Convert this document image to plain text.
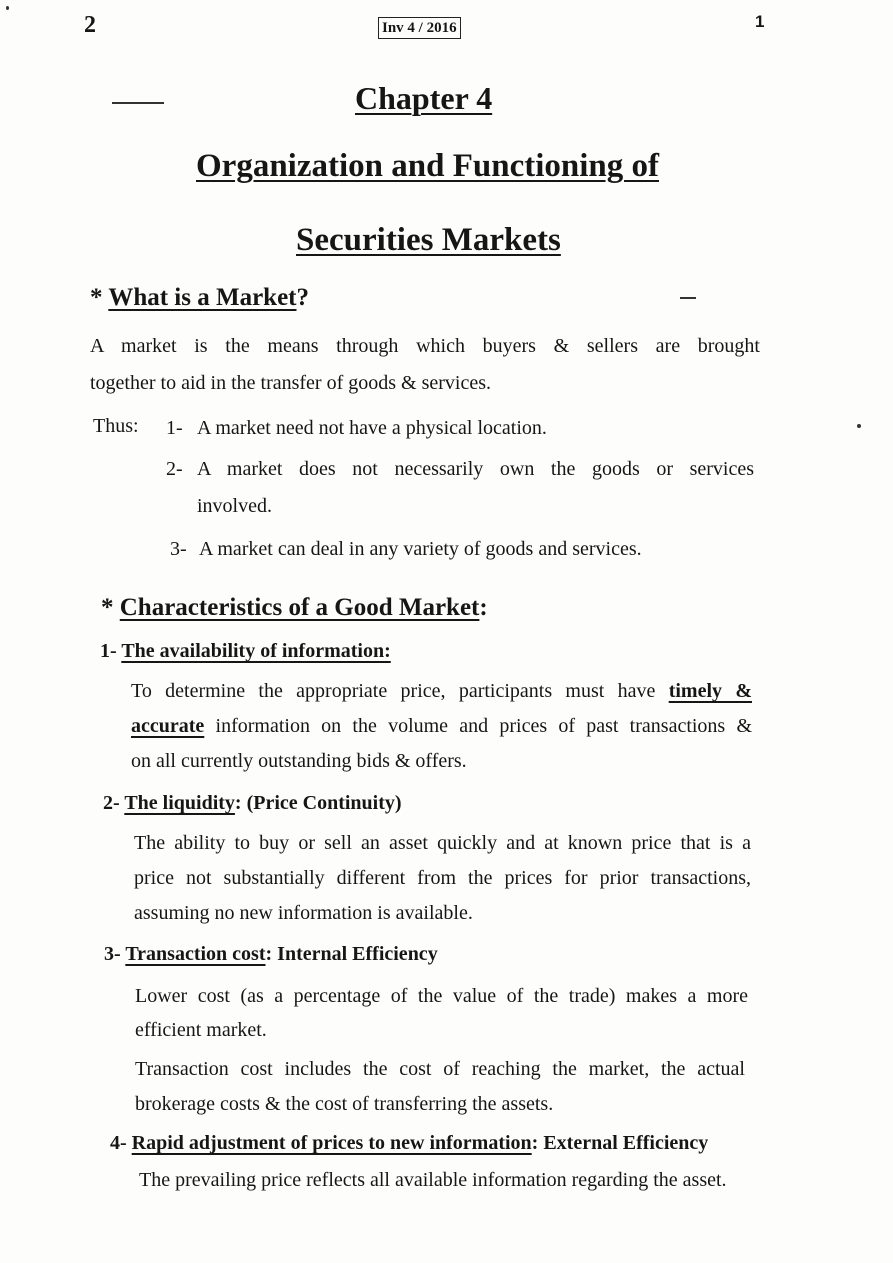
2	Inv 4 / 2016	1
Chapter 4
Organization and Functioning of
Securities Markets
* What is a Market?
A market is the means through which buyers & sellers are brought
together to aid in the transfer of goods & services.
Thus: 1- A market need not have a physical location.
2- A market does not necessarily own the goods or services
involved.
3- A market can deal in any variety of goods and services.
* Characteristics of a Good Market:
1- The availability of information:
To determine the appropriate price, participants must have timely &
accurate information on the volume and prices of past transactions &
on all currently outstanding bids & offers.
2- The liquidity: (Price Continuity)
The ability to buy or sell an asset quickly and at known price that is a
price not substantially different from the prices for prior transactions,
assuming no new information is available.
3- Transaction cost: Internal Efficiency
Lower cost (as a percentage of the value of the trade) makes a more
efficient market.
Transaction cost includes the cost of reaching the market, the actual
brokerage costs & the cost of transferring the assets.
4- Rapid adjustment of prices to new information: External Efficiency
The prevailing price reflects all available information regarding the asset.
